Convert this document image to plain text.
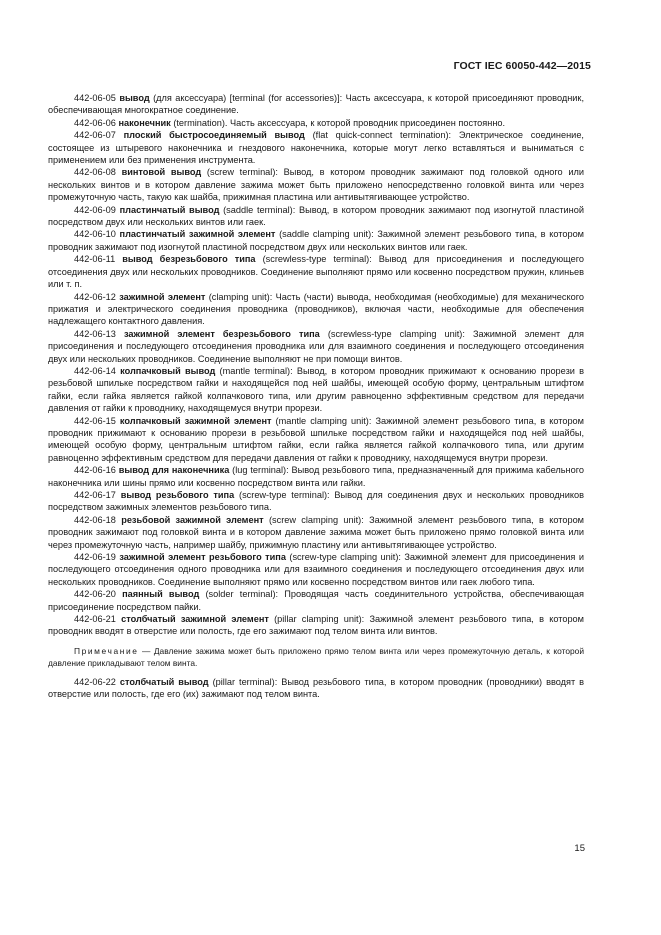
ГОСТ IEC 60050-442—2015

442-06-05 вывод (для аксессуара) [terminal (for accessories)]: Часть аксессуара, к которой присоединяют проводник, обеспечивающая многократное соединение.

442-06-06 наконечник (termination). Часть аксессуара, к которой проводник присоединен постоянно.

442-06-07 плоский быстросоединяемый вывод (flat quick-connect termination): Электрическое соединение, состоящее из штыревого наконечника и гнездового наконечника, которые могут легко вставляться и выниматься с применением или без применения инструмента.

442-06-08 винтовой вывод (screw terminal): Вывод, в котором проводник зажимают под головкой одного или нескольких винтов и в котором давление зажима может быть приложено непосредственно головкой винта или через промежуточную часть, такую как шайба, прижимная пластина или антивытягивающее устройство.

442-06-09 пластинчатый вывод (saddle terminal): Вывод, в котором проводник зажимают под изогнутой пластиной посредством двух или нескольких винтов или гаек.

442-06-10 пластинчатый зажимной элемент (saddle clamping unit): Зажимной элемент резьбового типа, в котором проводник зажимают под изогнутой пластиной посредством двух или нескольких винтов или гаек.

442-06-11 вывод безрезьбового типа (screwless-type terminal): Вывод для присоединения и последующего отсоединения двух или нескольких проводников. Соединение выполняют прямо или косвенно посредством пружин, клиньев или т. п.

442-06-12 зажимной элемент (clamping unit): Часть (части) вывода, необходимая (необходимые) для механического прижатия и электрического соединения проводника (проводников), включая части, необходимые для обеспечения надлежащего контактного давления.

442-06-13 зажимной элемент безрезьбового типа (screwless-type clamping unit): Зажимной элемент для присоединения и последующего отсоединения проводника или для взаимного соединения и последующего отсоединения двух или нескольких проводников. Соединение выполняют не при помощи винтов.

442-06-14 колпачковый вывод (mantle terminal): Вывод, в котором проводник прижимают к основанию прорези в резьбовой шпильке посредством гайки и находящейся под ней шайбы, имеющей особую форму, центральным штифтом гайки, если гайка является гайкой колпачкового типа, или другим равноценно эффективным средством для передачи давления от гайки к проводнику, находящемуся внутри прорези.

442-06-15 колпачковый зажимной элемент (mantle clamping unit): Зажимной элемент резьбового типа, в котором проводник прижимают к основанию прорези в резьбовой шпильке посредством гайки и находящейся под ней шайбы, имеющей особую форму, центральным штифтом гайки, если гайка является гайкой колпачкового типа, или другим равноценно эффективным средством для передачи давления от гайки к проводнику, находящемуся внутри прорези.

442-06-16 вывод для наконечника (lug terminal): Вывод резьбового типа, предназначенный для прижима кабельного наконечника или шины прямо или косвенно посредством винта или гайки.

442-06-17 вывод резьбового типа (screw-type terminal): Вывод для соединения двух и нескольких проводников посредством зажимных элементов резьбового типа.

442-06-18 резьбовой зажимной элемент (screw clamping unit): Зажимной элемент резьбового типа, в котором проводник зажимают под головкой винта и в котором давление зажима может быть приложено прямо головкой винта или через промежуточную часть, например шайбу, прижимную пластину или антивытягивающее устройство.

442-06-19 зажимной элемент резьбового типа (screw-type clamping unit): Зажимной элемент для присоединения и последующего отсоединения одного проводника или для взаимного соединения и последующего отсоединения двух или нескольких проводников. Соединение выполняют прямо или косвенно посредством винтов или гаек любого типа.

442-06-20 паянный вывод (solder terminal): Проводящая часть соединительного устройства, обеспечивающая присоединение посредством пайки.

442-06-21 столбчатый зажимной элемент (pillar clamping unit): Зажимной элемент резьбового типа, в котором проводник вводят в отверстие или полость, где его зажимают под телом винта или винтов.

Примечание — Давление зажима может быть приложено прямо телом винта или через промежуточную деталь, к которой давление прикладывают телом винта.

442-06-22 столбчатый вывод (pillar terminal): Вывод резьбового типа, в котором проводник (проводники) вводят в отверстие или полость, где его (их) зажимают под телом винта.

15
